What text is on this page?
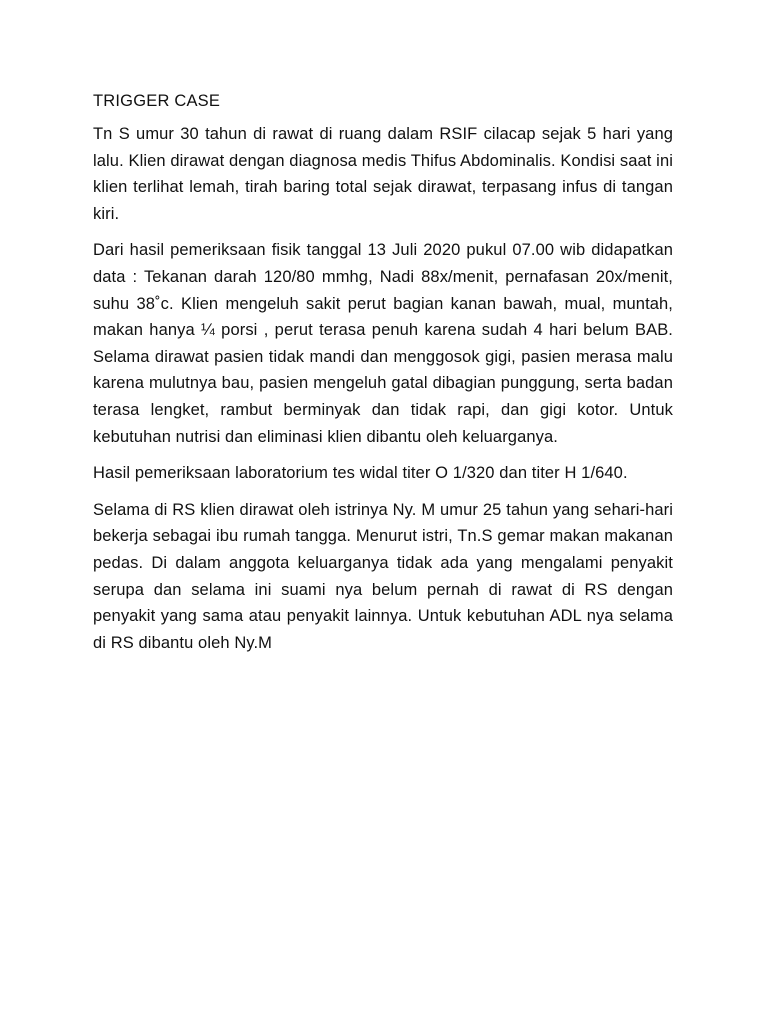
TRIGGER CASE

Tn S umur 30 tahun di rawat di ruang dalam RSIF cilacap sejak 5 hari yang lalu. Klien dirawat dengan diagnosa medis Thifus Abdominalis. Kondisi saat ini klien terlihat lemah, tirah baring total sejak dirawat, terpasang infus di tangan kiri.

Dari hasil pemeriksaan fisik tanggal 13 Juli 2020 pukul 07.00 wib didapatkan data : Tekanan darah 120/80 mmhg, Nadi 88x/menit, pernafasan 20x/menit, suhu 38˚c. Klien mengeluh sakit perut bagian kanan bawah, mual, muntah, makan hanya ¼ porsi , perut terasa penuh karena sudah 4 hari belum BAB. Selama dirawat pasien tidak mandi dan menggosok gigi, pasien merasa malu karena mulutnya bau, pasien mengeluh gatal dibagian punggung, serta badan terasa lengket, rambut berminyak dan tidak rapi, dan gigi kotor. Untuk kebutuhan nutrisi dan eliminasi klien dibantu oleh keluarganya.

Hasil pemeriksaan laboratorium tes widal titer O 1/320 dan titer H 1/640.

Selama di RS klien dirawat oleh istrinya Ny. M umur 25 tahun yang sehari-hari bekerja sebagai ibu rumah tangga. Menurut istri, Tn.S gemar makan makanan pedas. Di dalam anggota keluarganya tidak ada yang mengalami penyakit serupa dan selama ini suami nya belum pernah di rawat di RS dengan penyakit yang sama atau penyakit lainnya. Untuk kebutuhan ADL nya selama di RS dibantu oleh Ny.M
